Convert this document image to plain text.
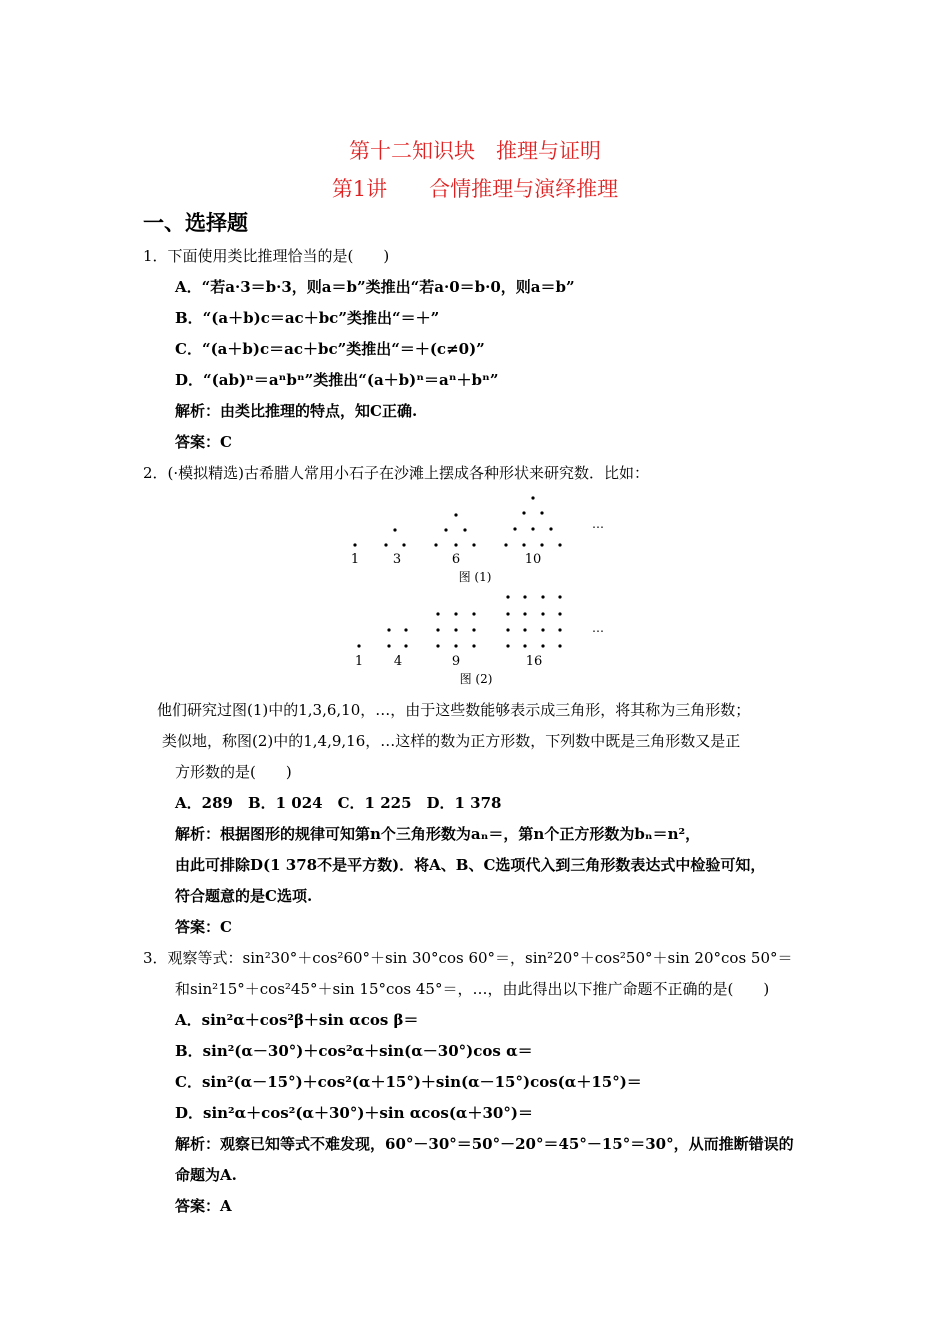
第十二知识块　推理与证明
第1讲　　合情推理与演绎推理
一、选择题
1．下面使用类比推理恰当的是(　　)
A．“若a·3＝b·3，则a＝b”类推出“若a·0＝b·0，则a＝b”
B．“(a＋b)c＝ac＋bc”类推出“＝＋”
C．“(a＋b)c＝ac＋bc”类推出“＝＋(c≠0)”
D．“(ab)ⁿ＝aⁿbⁿ”类推出“(a＋b)ⁿ＝aⁿ＋bⁿ”
解析：由类比推理的特点，知C正确.
答案：C
2．(·模拟精选)古希腊人常用小石子在沙滩上摆成各种形状来研究数．比如：
…
1	3	6	10
图 (1)
…
1 4	9	16
图 (2)
他们研究过图(1)中的1,3,6,10，…，由于这些数能够表示成三角形，将其称为三角形数；
类似地，称图(2)中的1,4,9,16，…这样的数为正方形数，下列数中既是三角形数又是正
方形数的是(　　)
A．289　B．1 024　C．1 225　D．1 378
解析：根据图形的规律可知第n个三角形数为aₙ＝，第n个正方形数为bₙ＝n²，
由此可排除D(1 378不是平方数)．将A、B、C选项代入到三角形数表达式中检验可知，
符合题意的是C选项.
答案：C
3．观察等式：sin²30°＋cos²60°＋sin 30°cos 60°＝，sin²20°＋cos²50°＋sin 20°cos 50°＝
和sin²15°＋cos²45°＋sin 15°cos 45°＝，…，由此得出以下推广命题不正确的是(　　)
A．sin²α＋cos²β＋sin αcos β＝
B．sin²(α－30°)＋cos²α＋sin(α－30°)cos α＝
C．sin²(α－15°)＋cos²(α＋15°)＋sin(α－15°)cos(α＋15°)＝
D．sin²α＋cos²(α＋30°)＋sin αcos(α＋30°)＝
解析：观察已知等式不难发现，60°－30°＝50°－20°＝45°－15°＝30°，从而推断错误的
命题为A.
答案：A
